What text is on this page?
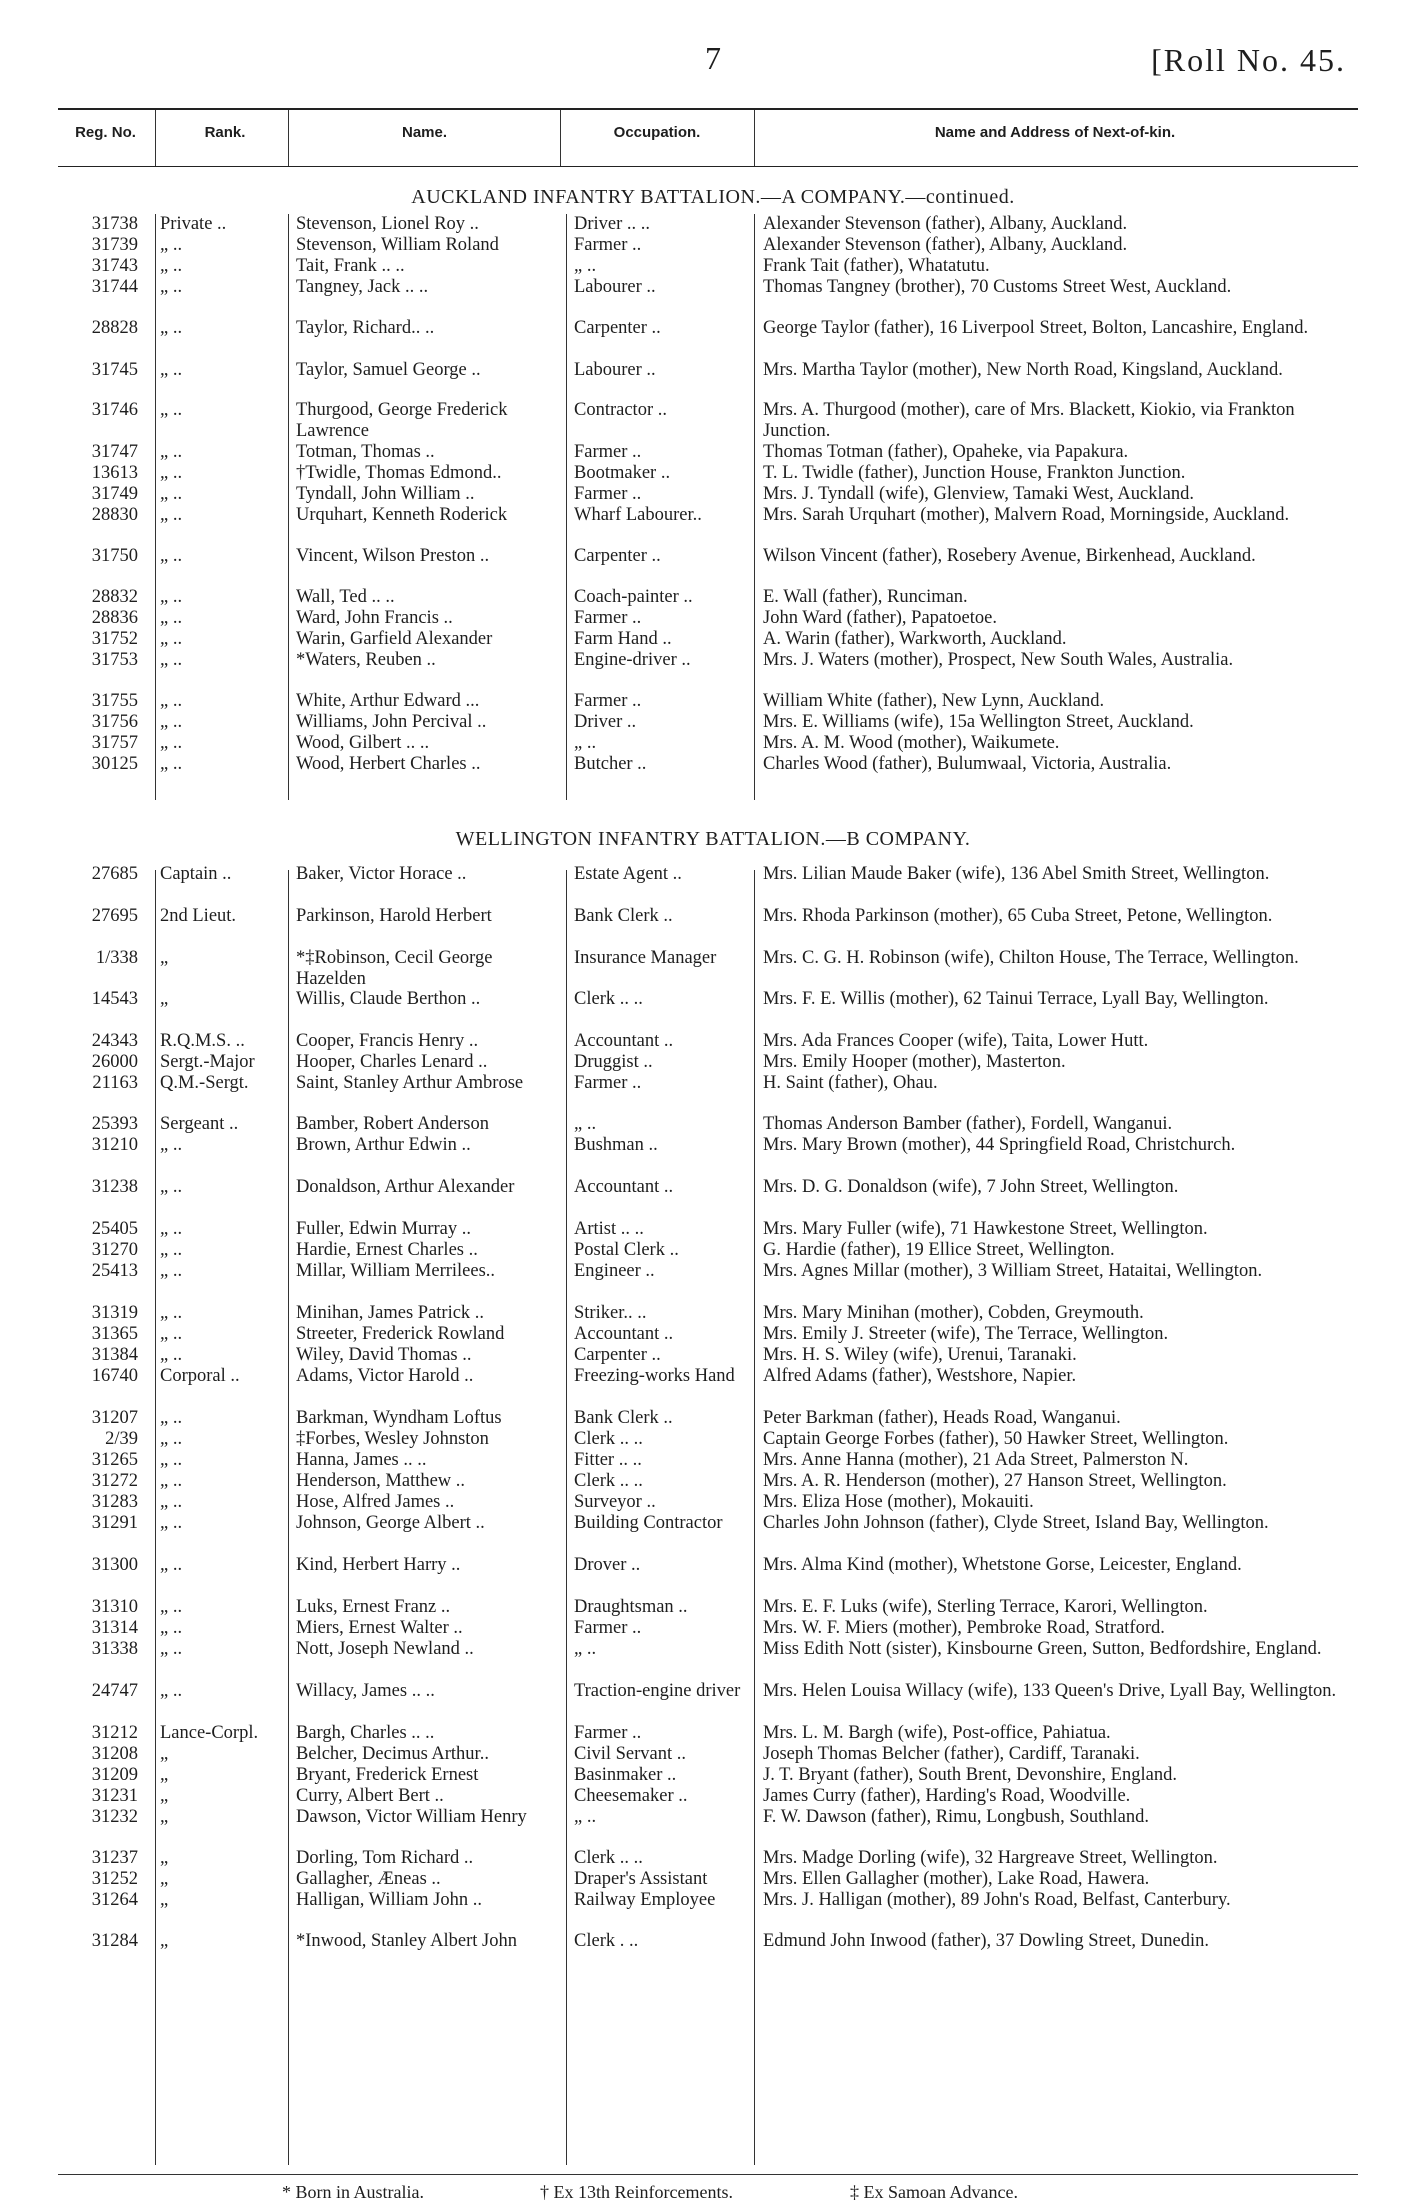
7	[Roll No. 45.
Reg. No.	Rank.	Name.	Occupation.	Name and Address of Next-of-kin.
AUCKLAND INFANTRY BATTALION.—A COMPANY.—continued.
31738 Private ..	Stevenson, Lionel Roy ..	Driver .. ..	Alexander Stevenson (father), Albany, Auckland.
31739 „ ..	Stevenson, William Roland	Farmer ..	Alexander Stevenson (father), Albany, Auckland.
31743 „ ..	Tait, Frank .. ..	„ ..	Frank Tait (father), Whatatutu.
31744 „ ..	Tangney, Jack .. ..	Labourer ..	Thomas Tangney (brother), 70 Customs Street West, Auckland.
28828 „ ..	Taylor, Richard.. ..	Carpenter ..	George Taylor (father), 16 Liverpool Street, Bolton, Lancashire, England.
31745 „ ..	Taylor, Samuel George ..	Labourer ..	Mrs. Martha Taylor (mother), New North Road, Kingsland, Auckland.
31746 „ ..	Thurgood, George Frederick Lawrence
Contractor ..	Mrs. A. Thurgood (mother), care of Mrs. Blackett, Kiokio, via Frankton Junction.
31747 „ ..	Totman, Thomas ..	Farmer ..	Thomas Totman (father), Opaheke, via Papakura.
13613 „ ..	†Twidle, Thomas Edmond..	Bootmaker ..	T. L. Twidle (father), Junction House, Frankton Junction.
31749 „ ..	Tyndall, John William ..	Farmer ..	Mrs. J. Tyndall (wife), Glenview, Tamaki West, Auckland.
28830 „ ..	Urquhart, Kenneth Roderick	Wharf Labourer..	Mrs. Sarah Urquhart (mother), Malvern Road, Morningside, Auckland.
31750 „ ..	Vincent, Wilson Preston ..	Carpenter ..	Wilson Vincent (father), Rosebery Avenue, Birkenhead, Auckland.
28832 „ ..	Wall, Ted .. ..	Coach-painter ..	E. Wall (father), Runciman.
28836 „ ..	Ward, John Francis ..	Farmer ..	John Ward (father), Papatoetoe.
31752 „ ..	Warin, Garfield Alexander	Farm Hand ..	A. Warin (father), Warkworth, Auckland.
31753 „ ..	*Waters, Reuben ..	Engine-driver ..	Mrs. J. Waters (mother), Prospect, New South Wales, Australia.
31755 „ ..	White, Arthur Edward ...	Farmer ..	William White (father), New Lynn, Auckland.
31756 „ ..	Williams, John Percival ..	Driver ..	Mrs. E. Williams (wife), 15a Wellington Street, Auckland.
31757 „ ..	Wood, Gilbert .. ..	„ ..	Mrs. A. M. Wood (mother), Waikumete.
30125 „ ..	Wood, Herbert Charles ..	Butcher ..	Charles Wood (father), Bulumwaal, Victoria, Australia.
WELLINGTON INFANTRY BATTALION.—B COMPANY.
27685 Captain ..	Baker, Victor Horace ..	Estate Agent ..	Mrs. Lilian Maude Baker (wife), 136 Abel Smith Street, Wellington.
27695 2nd Lieut.	Parkinson, Harold Herbert	Bank Clerk ..	Mrs. Rhoda Parkinson (mother), 65 Cuba Street, Petone, Wellington.
1/338 „	*‡Robinson, Cecil George Hazelden
Insurance Manager	Mrs. C. G. H. Robinson (wife), Chilton House, The Terrace, Wellington.
14543 „	Willis, Claude Berthon ..	Clerk .. ..	Mrs. F. E. Willis (mother), 62 Tainui Terrace, Lyall Bay, Wellington.
24343 R.Q.M.S. ..	Cooper, Francis Henry ..	Accountant ..	Mrs. Ada Frances Cooper (wife), Taita, Lower Hutt.
26000 Sergt.-Major	Hooper, Charles Lenard ..	Druggist ..	Mrs. Emily Hooper (mother), Masterton.
21163 Q.M.-Sergt.	Saint, Stanley Arthur Ambrose	Farmer ..	H. Saint (father), Ohau.
25393 Sergeant ..	Bamber, Robert Anderson	„ ..	Thomas Anderson Bamber (father), Fordell, Wanganui.
31210 „ ..	Brown, Arthur Edwin ..	Bushman ..	Mrs. Mary Brown (mother), 44 Springfield Road, Christchurch.
31238 „ ..	Donaldson, Arthur Alexander	Accountant ..	Mrs. D. G. Donaldson (wife), 7 John Street, Wellington.
25405 „ ..	Fuller, Edwin Murray ..	Artist .. ..	Mrs. Mary Fuller (wife), 71 Hawkestone Street, Wellington.
31270 „ ..	Hardie, Ernest Charles ..	Postal Clerk ..	G. Hardie (father), 19 Ellice Street, Wellington.
25413 „ ..	Millar, William Merrilees..	Engineer ..	Mrs. Agnes Millar (mother), 3 William Street, Hataitai, Wellington.
31319 „ ..	Minihan, James Patrick ..	Striker.. ..	Mrs. Mary Minihan (mother), Cobden, Greymouth.
31365 „ ..	Streeter, Frederick Rowland	Accountant ..	Mrs. Emily J. Streeter (wife), The Terrace, Wellington.
31384 „ ..	Wiley, David Thomas ..	Carpenter ..	Mrs. H. S. Wiley (wife), Urenui, Taranaki.
16740 Corporal ..	Adams, Victor Harold ..	Freezing-works Hand	Alfred Adams (father), Westshore, Napier.
31207 „ ..	Barkman, Wyndham Loftus	Bank Clerk ..	Peter Barkman (father), Heads Road, Wanganui.
2/39 „ ..	‡Forbes, Wesley Johnston	Clerk .. ..	Captain George Forbes (father), 50 Hawker Street, Wellington.
31265 „ ..	Hanna, James .. ..	Fitter .. ..	Mrs. Anne Hanna (mother), 21 Ada Street, Palmerston N.
31272 „ ..	Henderson, Matthew ..	Clerk .. ..	Mrs. A. R. Henderson (mother), 27 Hanson Street, Wellington.
31283 „ ..	Hose, Alfred James ..	Surveyor ..	Mrs. Eliza Hose (mother), Mokauiti.
31291 „ ..	Johnson, George Albert ..	Building Contractor	Charles John Johnson (father), Clyde Street, Island Bay, Wellington.
31300 „ ..	Kind, Herbert Harry ..	Drover ..	Mrs. Alma Kind (mother), Whetstone Gorse, Leicester, England.
31310 „ ..	Luks, Ernest Franz ..	Draughtsman ..	Mrs. E. F. Luks (wife), Sterling Terrace, Karori, Wellington.
31314 „ ..	Miers, Ernest Walter ..	Farmer ..	Mrs. W. F. Miers (mother), Pembroke Road, Stratford.
31338 „ ..	Nott, Joseph Newland ..	„ ..	Miss Edith Nott (sister), Kinsbourne Green, Sutton, Bedfordshire, England.
24747 „ ..	Willacy, James .. ..	Traction-engine driver Mrs. Helen Louisa Willacy (wife), 133 Queen's Drive, Lyall Bay, Wellington.
31212 Lance-Corpl.	Bargh, Charles .. ..	Farmer ..	Mrs. L. M. Bargh (wife), Post-office, Pahiatua.
31208 „	Belcher, Decimus Arthur..	Civil Servant ..	Joseph Thomas Belcher (father), Cardiff, Taranaki.
31209 „	Bryant, Frederick Ernest	Basinmaker ..	J. T. Bryant (father), South Brent, Devonshire, England.
31231 „	Curry, Albert Bert ..	Cheesemaker ..	James Curry (father), Harding's Road, Woodville.
31232 „	Dawson, Victor William Henry	„ ..	F. W. Dawson (father), Rimu, Longbush, Southland.
31237 „	Dorling, Tom Richard ..	Clerk .. ..	Mrs. Madge Dorling (wife), 32 Hargreave Street, Wellington.
31252 „	Gallagher, Æneas ..	Draper's Assistant	Mrs. Ellen Gallagher (mother), Lake Road, Hawera.
31264 „	Halligan, William John ..	Railway Employee	Mrs. J. Halligan (mother), 89 John's Road, Belfast, Canterbury.
31284 „	*Inwood, Stanley Albert John	Clerk . ..	Edmund John Inwood (father), 37 Dowling Street, Dunedin.
* Born in Australia.	† Ex 13th Reinforcements.	‡ Ex Samoan Advance.
